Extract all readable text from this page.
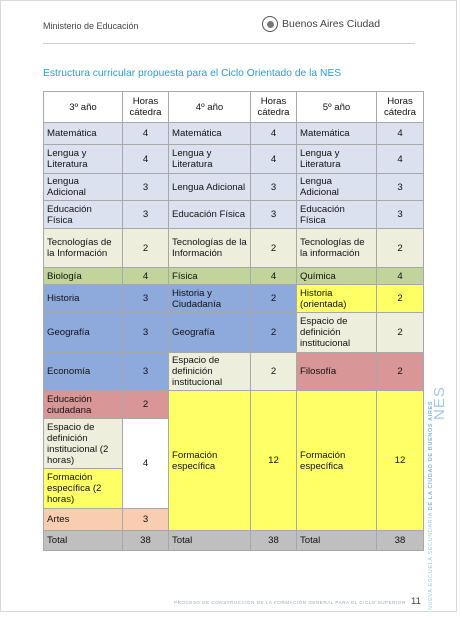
Ministerio de Educación	Buenos Aires Ciudad
Estructura curricular propuesta para el Ciclo Orientado de la NES
3º año	Horas cátedra	4º año	Horas cátedra	5º año	Horas cátedra
Matemática	4	Matemática	4	Matemática	4
Lengua y Literatura	4	Lengua y Literatura	4	Lengua y Literatura	4
Lengua Adicional	3	Lengua Adicional	3	Lengua Adicional	3
Educación Física	3	Educación Física	3	Educación Física	3
Tecnologías de la Información	2	Tecnologías de la Información	2	Tecnologías de la información	2
Biología	4	Física	4	Química	4
Historia	3	Historia y Ciudadanía	2	Historia (orientada)	2
Geografía	3	Geografía	2	Espacio de definición institucional	2
Economía	3	Espacio de definición institucional	2	Filosofía	2
Educación ciudadana	2	Formación específica	12	Formación específica	12
Espacio de definición institucional (2 horas)	4				
Formación específica (2 horas)					
Artes	3				
Total	38	Total	38	Total	38	NUEVA ESCUELA SECUNDARIA DE LA CIUDAD DE BUENOS AIRES
NES
PROCESO DE CONSTRUCCIÓN DE LA FORMACIÓN GENERAL PARA EL CICLO SUPERIOR 11
